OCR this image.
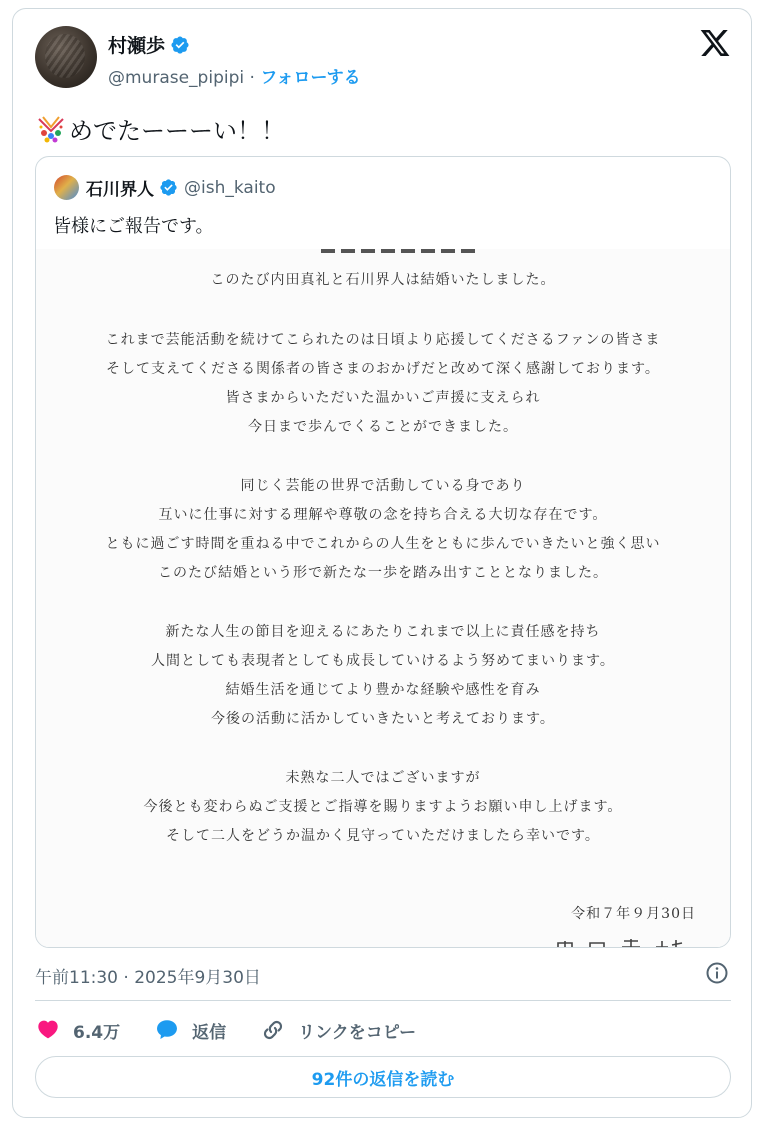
村瀬歩
@murase_pipipi · フォローする
めでたーーーい！！
石川界人 @ish_kaito
皆様にご報告です。
このたび内田真礼と石川界人は結婚いたしました。
これまで芸能活動を続けてこられたのは日頃より応援してくださるファンの皆さま
そして支えてくださる関係者の皆さまのおかげだと改めて深く感謝しております。
皆さまからいただいた温かいご声援に支えられ
今日まで歩んでくることができました。
同じく芸能の世界で活動している身であり
互いに仕事に対する理解や尊敬の念を持ち合える大切な存在です。
ともに過ごす時間を重ねる中でこれからの人生をともに歩んでいきたいと強く思い
このたび結婚という形で新たな一歩を踏み出すこととなりました。
新たな人生の節目を迎えるにあたりこれまで以上に責任感を持ち
人間としても表現者としても成長していけるよう努めてまいります。
結婚生活を通じてより豊かな経験や感性を育み
今後の活動に活かしていきたいと考えております。
未熟な二人ではございますが
今後とも変わらぬご支援とご指導を賜りますようお願い申し上げます。
そして二人をどうか温かく見守っていただけましたら幸いです。
令和７年９月30日
午前11:30 · 2025年9月30日
6.4万	返信	リンクをコピー
92件の返信を読む
